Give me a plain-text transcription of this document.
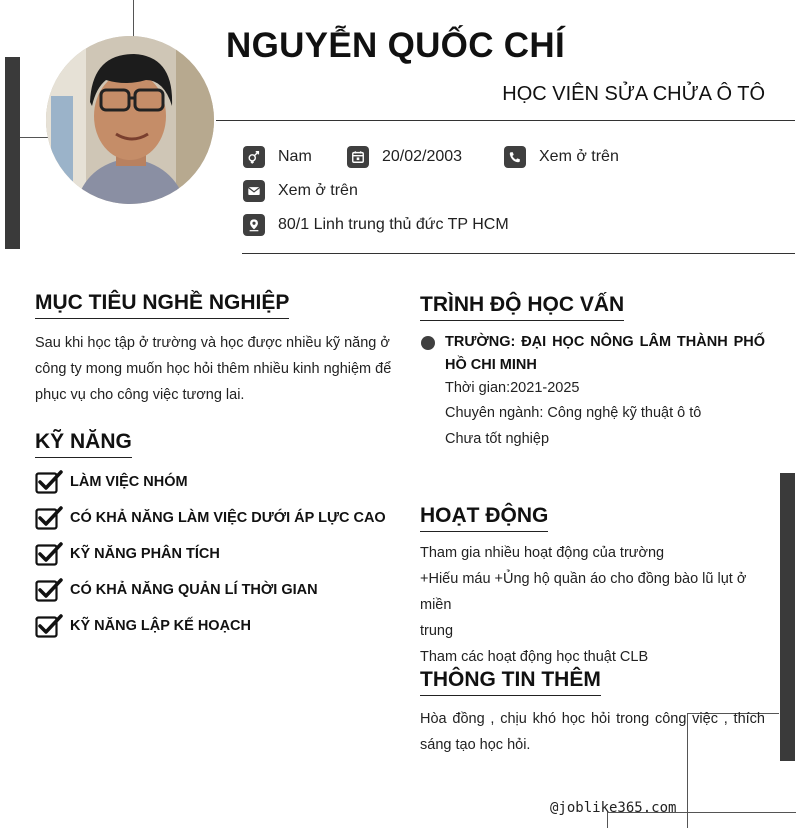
NGUYỄN QUỐC CHÍ
HỌC VIÊN SỬA CHỬA Ô TÔ
Nam	20/02/2003	Xem ở trên
Xem ở trên
80/1 Linh trung thủ đức TP HCM
MỤC TIÊU NGHỀ NGHIỆP
Sau khi học tập ở trường và học được nhiều kỹ năng ở
công ty mong muốn học hỏi thêm nhiều kinh nghiệm để
phục vụ cho công việc tương lai.
KỸ NĂNG
LÀM VIỆC NHÓM
CÓ KHẢ NĂNG LÀM VIỆC DƯỚI ÁP LỰC CAO
KỸ NĂNG PHÂN TÍCH
CÓ KHẢ NĂNG QUẢN LÍ THỜI GIAN
KỸ NĂNG LẬP KẾ HOẠCH
TRÌNH ĐỘ HỌC VẤN
TRƯỜNG: ĐẠI HỌC NÔNG LÂM THÀNH PHỐ HỒ CHI MINH
Thời gian:2021-2025
Chuyên ngành: Công nghệ kỹ thuật ô tô
Chưa tốt nghiệp
HOẠT ĐỘNG
Tham gia nhiều hoạt động của trường
+Hiếu máu +Ủng hộ quần áo cho đồng bào lũ lụt ở miền
trung
Tham các hoạt động học thuật CLB
THÔNG TIN THÊM
Hòa đồng , chịu khó học hỏi trong công việc , thích
sáng tạo học hỏi.
@joblike365.com
